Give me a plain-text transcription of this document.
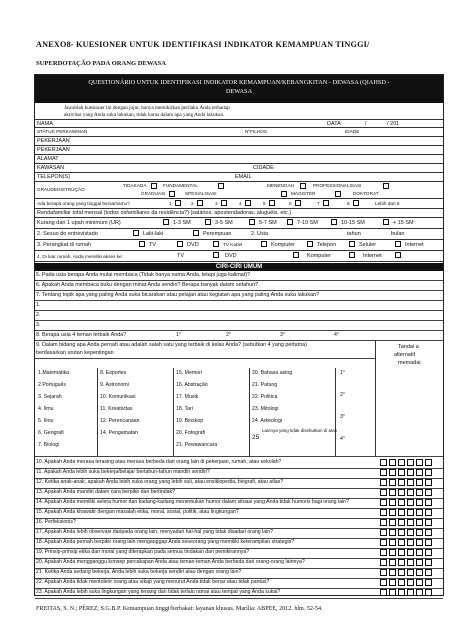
ANEXO8- KUESIONER UNTUK IDENTIFIKASI INDIKATOR KEMAMPUAN TINGGI/
SUPERDOTAÇÃO PADA ORANG DEWASA
QUESTIONÁRIO UNTUK IDENTIFIKASI INDIKATOR KEMAMPUAN/KEBANGKITAN - DEWASA (QIAHSD -
DEWASA
Jawablah kuesioner ini dengan jujur, hanya memikirkan perilaku Anda terhadap
aktivitas yang Anda suka lakukan, tidak harus dalam apa yang Anda lakukan.
NAMA	DATA	/	/ 201
STATUS PERKAWINAN	NºFILHOS	IDADE
PEKERJAAN
PEKERJAAN
ALAMAT
KAWASAN	CIDADE
TELEPON(S)	EMAIL
GRAUDEINSTRUÇÃO
TIDAKADA	FUNDAMENTAL	MENENGAH	PROFESSIONALISASI
GRADUASI	SPESIALISASI	MAGISTER	DOKTORAT
Ada berapa orang yang tinggal bersamamu?	1	2	3	4	5	6	7	8	Lebih dari 8
Rendafamiliar total mensal (todos osfamiliares da residência?) (salários, apostendadoras, aluguéis, etc.)
Kurang dari 1 upah minimum (UR)	1-3 SM	3-5 SM	5-7 SM	7-10 SM	10-15 SM	+ 15 SM
2. Sesuo do entrevistado	Laki-laki	Perempuan	2. Usia	tahun	bulan
3. Perangkat di rumah	TV	DVD	TV Kabel	Komputer	Telepon	Seluler	Internet
4. Di luar rumah, Anda memiliki akses ke:	TV	DVD	Komputer	Internet
CIRI-CIRI UMUM
5. Pada usia berapa Anda mulai membaca (Tidak hanya nama Anda, tetapi juga kalimat)?
6. Apakah Anda membaca buku dengan minat Anda sendiri? Berapa banyak dalam setahun?
7. Tentang topik apa yang paling Anda suka bicarakan atau pelajari atau kegiatan apa yang paling Anda suka lakukan?
1.
2.
3.
8. Berapa usia 4 teman terbaik Anda?	1°	2°	3°	4°
9. Dalam bidang apa Anda pernah atau adalah salah satu yang terbaik di kelas Anda? (sebutkan 4 yang pertama)
berdasarkan urutan kepentingan
Tandai a
alternatif
memadai
1.Matemátika
2.Português
3. Sejarah
4. Ilmu
5. Ilmu
6. Geografi
7. Biologi
8. Esportes
9. Astronomi
10. Komunikasi
11. Kreativitas
12. Perencanaan
14. Pengamatan
15. Memori
16. Abstração
17. Musik
18. Tari
19. Bioskop
20. Fotografi
21. Pewawancara
20. Bahasa asing
21. Patung
22. Politica
23. Mitologi
24. Arkeologi
25
Lainnya yang tidak disebutkan di atas
1°
2°
3°
4°
10. Apakah Anda merasa terasing atau merasa berbeda dari orang lain di pekerjaan, rumah, atau sekolah?
11. Apakah Anda lebih suka bekerja/belajar bertahun-tahun mandiri sendiri?
12. Ketika anak-anak, apakah Anda lebih suka orang yang lebih suli, atau ensiklopedia, biografi, atau atlas?
13. Apakah Anda mandiri dalam cara berpikir dan bertindak?
14. Apakah Anda memiliki selera humor dan kadang-kadang menemukan humor dalam situasi yang Anda tidak humoris bagi orang lain?
15. Apakah Anda khawatir dengan masalah etika, moral, sosial, politik, atau lingkungan?
16. Perfeksionis?
17. Apakah Anda lebih observasi daripada orang lain, menyadari hal-hal yang tidak disadari orang lain?
18. Apakah Anda pernah berpikir orang lain menganggap Anda seseorang yang memiliki keterampilan strategis?
19. Prinsip-prinsip etika dan moral yang diterapkan pada semua tindakan dan pemikirannya?
20. Apakah Anda mengganggu konsep percakapan Anda atau teman-teman Anda berbeda dari orang-orang lainnya?
21. Ketika Anda sedang bekerja, Anda lebih suka bekerja sendiri atau dengan orang lain?
22. Apakah Anda tidak mentolerir orang atau sikap yang menurut Anda tidak benar atau tidak pantas?
23. Apakah Anda lebih suka lingkungan yang tenang dan tidak terlalu ramai atau tempat yang Anda sukai?
FREITAS, S. N.; PÉREZ, S.G.B.P. Kemampuan tinggi/berbakat: layanan khusus. Marília: ABPEE, 2012. hlm. 52-54.
